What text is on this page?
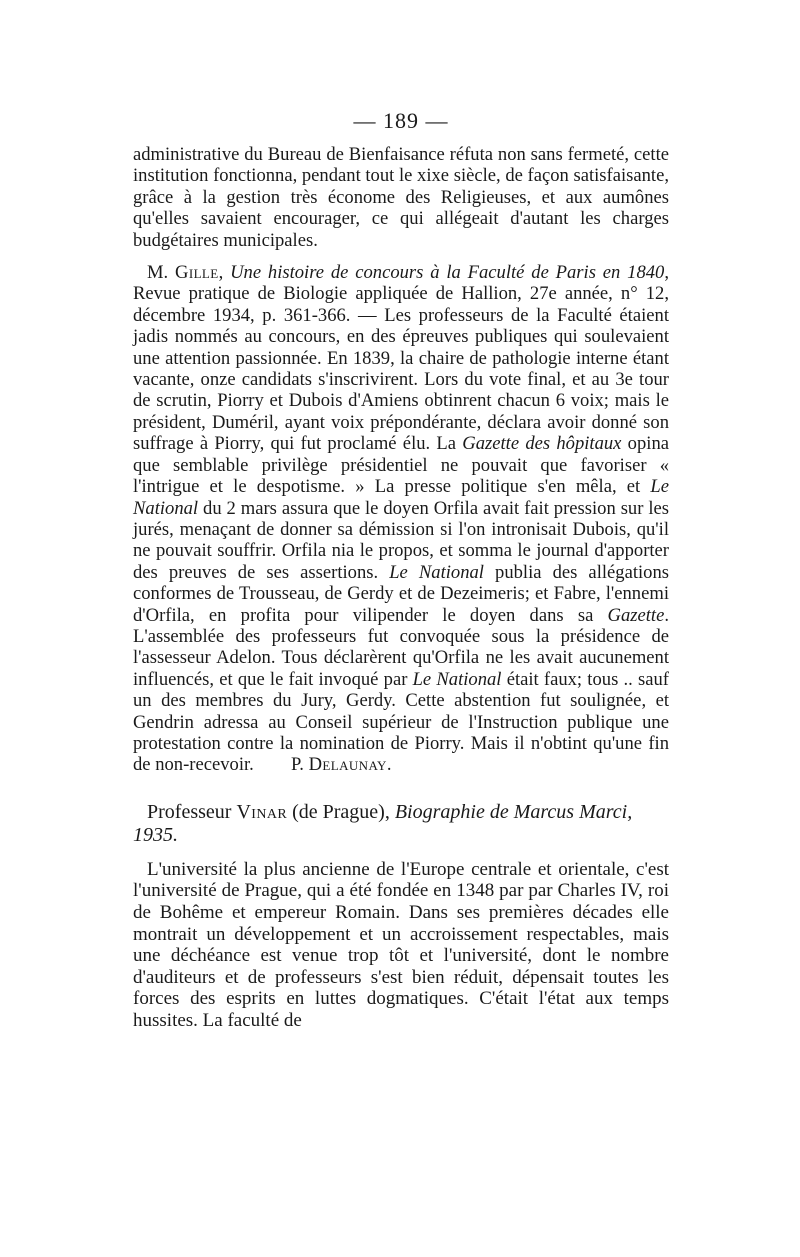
— 189 —

administrative du Bureau de Bienfaisance réfuta non sans fermeté, cette institution fonctionna, pendant tout le xixe siècle, de façon satisfaisante, grâce à la gestion très économe des Religieuses, et aux aumônes qu'elles savaient encourager, ce qui allégeait d'autant les charges budgétaires municipales.

M. Gille, Une histoire de concours à la Faculté de Paris en 1840, Revue pratique de Biologie appliquée de Hallion, 27e année, n° 12, décembre 1934, p. 361-366. — Les professeurs de la Faculté étaient jadis nommés au concours, en des épreuves publiques qui soulevaient une attention passionnée. En 1839, la chaire de pathologie interne étant vacante, onze candidats s'inscrivirent. Lors du vote final, et au 3e tour de scrutin, Piorry et Dubois d'Amiens obtinrent chacun 6 voix; mais le président, Duméril, ayant voix prépondérante, déclara avoir donné son suffrage à Piorry, qui fut proclamé élu. La Gazette des hôpitaux opina que semblable privilège présidentiel ne pouvait que favoriser « l'intrigue et le despotisme. » La presse politique s'en mêla, et Le National du 2 mars assura que le doyen Orfila avait fait pression sur les jurés, menaçant de donner sa démission si l'on intronisait Dubois, qu'il ne pouvait souffrir. Orfila nia le propos, et somma le journal d'apporter des preuves de ses assertions. Le National publia des allégations conformes de Trousseau, de Gerdy et de Dezeimeris; et Fabre, l'ennemi d'Orfila, en profita pour vilipender le doyen dans sa Gazette. L'assemblée des professeurs fut convoquée sous la présidence de l'assesseur Adelon. Tous déclarèrent qu'Orfila ne les avait aucunement influencés, et que le fait invoqué par Le National était faux; tous .. sauf un des membres du Jury, Gerdy. Cette abstention fut soulignée, et Gendrin adressa au Conseil supérieur de l'Instruction publique une protestation contre la nomination de Piorry. Mais il n'obtint qu'une fin de non-recevoir. P. Delaunay.

Professeur Vinar (de Prague), Biographie de Marcus Marci, 1935.

L'université la plus ancienne de l'Europe centrale et orientale, c'est l'université de Prague, qui a été fondée en 1348 par par Charles IV, roi de Bohême et empereur Romain. Dans ses premières décades elle montrait un développement et un accroissement respectables, mais une déchéance est venue trop tôt et l'université, dont le nombre d'auditeurs et de professeurs s'est bien réduit, dépensait toutes les forces des esprits en luttes dogmatiques. C'était l'état aux temps hussites. La faculté de
